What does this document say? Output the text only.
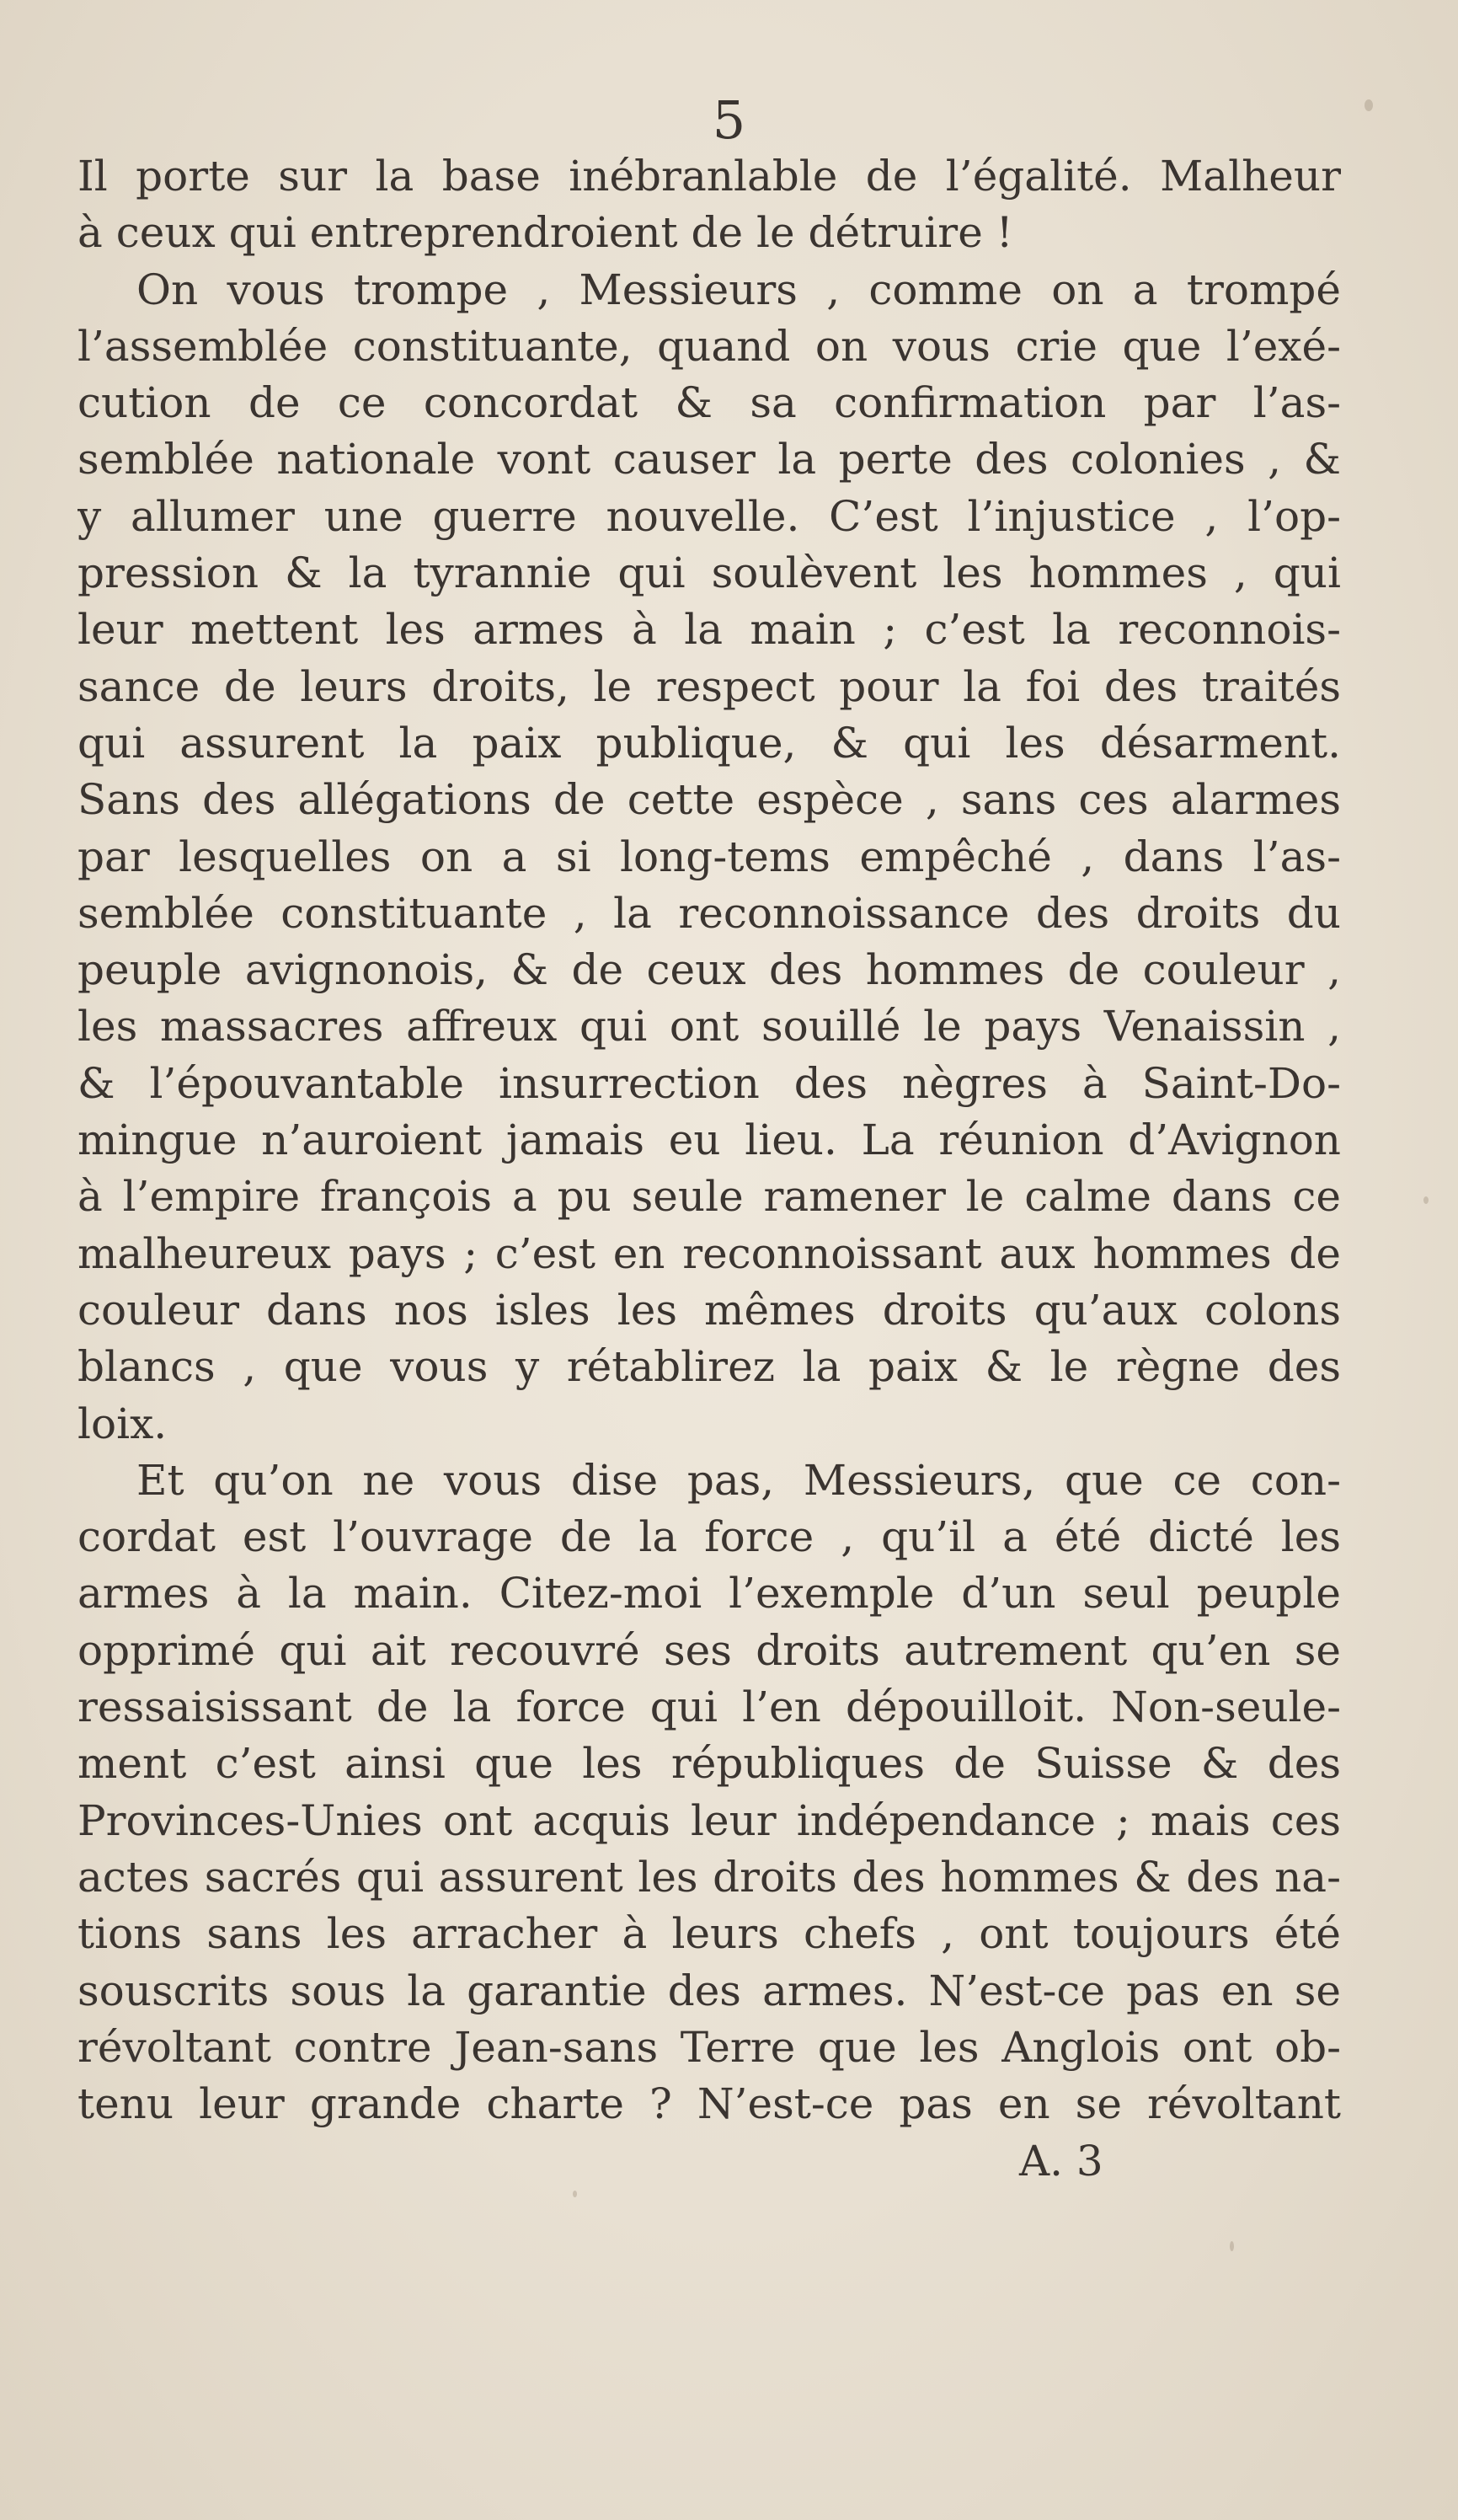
5
Il porte sur la base inébranlable de l’égalité. Malheur
à ceux qui entreprendroient de le détruire !
On vous trompe , Messieurs , comme on a trompé
l’assemblée constituante, quand on vous crie que l’exé-
cution de ce concordat & sa confirmation par l’as-
semblée nationale vont causer la perte des colonies , &
y allumer une guerre nouvelle. C’est l’injustice , l’op-
pression & la tyrannie qui soulèvent les hommes , qui
leur mettent les armes à la main ; c’est la reconnois-
sance de leurs droits, le respect pour la foi des traités
qui assurent la paix publique, & qui les désarment.
Sans des allégations de cette espèce , sans ces alarmes
par lesquelles on a si long-tems empêché , dans l’as-
semblée constituante , la reconnoissance des droits du
peuple avignonois, & de ceux des hommes de couleur ,
les massacres affreux qui ont souillé le pays Venaissin ,
& l’épouvantable insurrection des nègres à Saint-Do-
mingue n’auroient jamais eu lieu. La réunion d’Avignon
à l’empire françois a pu seule ramener le calme dans ce
malheureux pays ; c’est en reconnoissant aux hommes de
couleur dans nos isles les mêmes droits qu’aux colons
blancs , que vous y rétablirez la paix & le règne des
loix.
Et qu’on ne vous dise pas, Messieurs, que ce con-
cordat est l’ouvrage de la force , qu’il a été dicté les
armes à la main. Citez-moi l’exemple d’un seul peuple
opprimé qui ait recouvré ses droits autrement qu’en se
ressaisissant de la force qui l’en dépouilloit. Non-seule-
ment c’est ainsi que les républiques de Suisse & des
Provinces-Unies ont acquis leur indépendance ; mais ces
actes sacrés qui assurent les droits des hommes & des na-
tions sans les arracher à leurs chefs , ont toujours été
souscrits sous la garantie des armes. N’est-ce pas en se
révoltant contre Jean-sans Terre que les Anglois ont ob-
tenu leur grande charte ? N’est-ce pas en se révoltant
A. 3
